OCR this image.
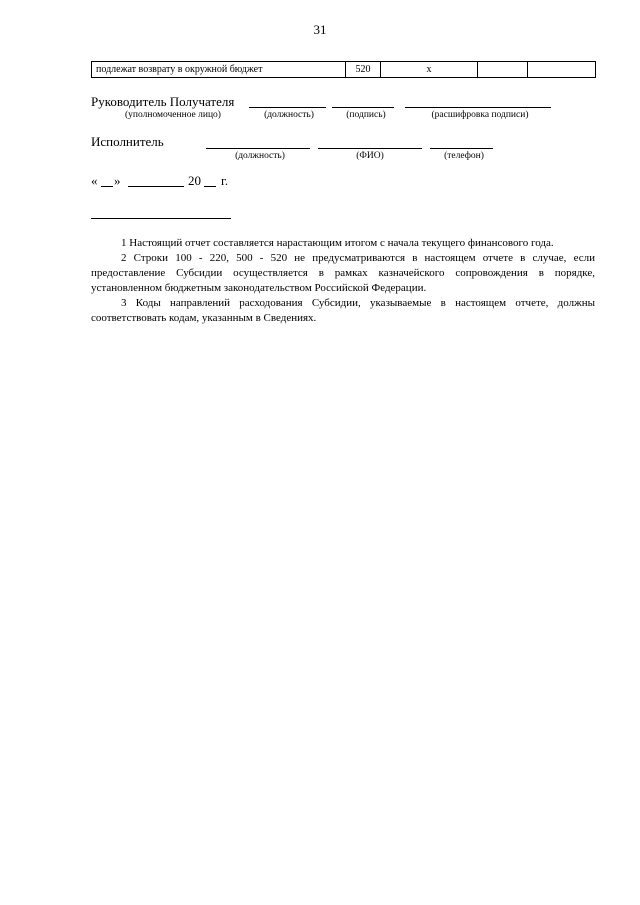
31
подлежат возврату в окружной бюджет	520	x		
Руководитель Получателя
(уполномоченное лицо)	(должность)	(подпись)	(расшифровка подписи)
Исполнитель
(должность)	(ФИО)	(телефон)
« »	20 г.

1 Настоящий отчет составляется нарастающим итогом с начала текущего финансового года.

2 Строки 100 - 220, 500 - 520 не предусматриваются в настоящем отчете в случае, если предоставление Субсидии осуществляется в рамках казначейского сопровождения в порядке, установленном бюджетным законодательством Российской Федерации.

3 Коды направлений расходования Субсидии, указываемые в настоящем отчете, должны соответствовать кодам, указанным в Сведениях.
